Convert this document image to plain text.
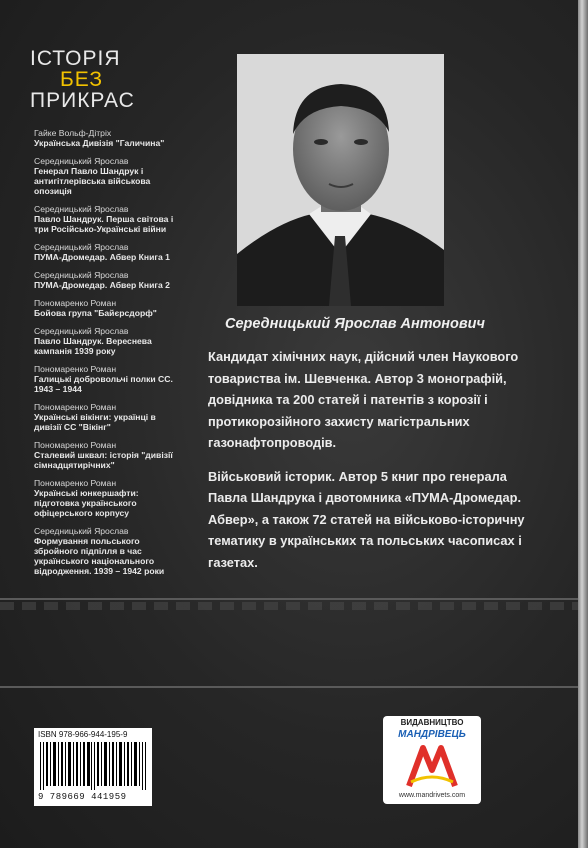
ІСТОРІЯ
БЕЗ
ПРИКРАС
Гайке Вольф-Дітріх
Українська Дивізія "Галичина"
Середницький Ярослав
Генерал Павло Шандрук і антигітлерівська військова опозиція
Середницький Ярослав
Павло Шандрук. Перша світова і три Російсько-Українські війни
Середницький Ярослав
ПУМА-Дромедар. Абвер Книга 1
Середницький Ярослав
ПУМА-Дромедар. Абвер Книга 2
Пономаренко Роман
Бойова група "Байєрсдорф"
Середницький Ярослав
Павло Шандрук. Вереснева кампанія 1939 року
Пономаренко Роман
Галицькі добровольчі полки СС. 1943 – 1944
Пономаренко Роман
Українські вікінги: українці в дивізії СС "Вікінг"
Пономаренко Роман
Сталевий шквал: історія "дивізії сімнадцятирічних"
Пономаренко Роман
Українські юнкершафти: підготовка українського офіцерського корпусу
Середницький Ярослав
Формування польського збройного підпілля в час українського національного відродження. 1939 – 1942 роки
Середницький Ярослав Антонович

Кандидат хімічних наук, дійсний член Наукового товариства ім. Шевченка. Автор 3 монографій, довідника та 200 статей і патентів з корозії і протикорозійного захисту магістральних газонафтопроводів.

Військовий історик. Автор 5 книг про генерала Павла Шандрука і двотомника «ПУМА-Дромедар. Абвер», а також 72 статей на військово-історичну тематику в українських та польських часописах і газетах.

ISBN 978-966-944-195-9
9 789669 441959
ВИДАВНИЦТВО
МАНДРІВЕЦЬ
www.mandrivets.com
